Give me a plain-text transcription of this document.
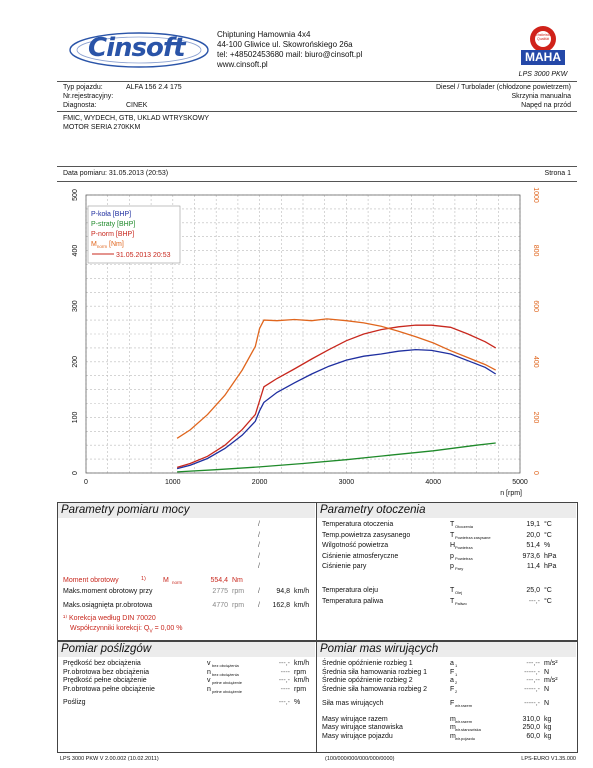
Cinsoft	Chiptuning Hamownia 4x4
44-100 Gliwice ul. Skowrońskiego 26a
tel: +48502453680 mail: biuro@cinsoft.pl
www.cinsoft.pl
Höchstleistung Qualität
MAHA
LPS 3000 PKW
Typ pojazdu:	ALFA 156 2.4 175
Nr.rejestracyjny:
Diagnosta:	CINEK
Diesel / Turbolader (chłodzone powietrzem)
Skrzynia manualna
Napęd na przód
FMIC, WYDECH, GTB, UKLAD WTRYSKOWY
MOTOR SERIA 270KKM
Data pomiaru: 31.05.2013 (20:53)	Strona 1
0	1000	2000	3000	4000	5000
n [rpm]
0
100
200
300
400
500
0
200
400
600
800
1000
P-koła [BHP]
P-straty [BHP]
P-norm [BHP]
$M_{norm}$ [Nm]
31.05.2013 20:53
Parametry pomiaru mocy
/
/
/
/
/
Moment obrotowy	1)	M norm	554,4 Nm
Maks.moment obrotowy przy	2775 rpm	/	94,8 km/h
Maks.osiągnięta pr.obrotowa	4770 rpm	/	162,8 km/h
¹⁾ Korekcja według DIN 70020
Współczynniki korekcji: $Q_V = 0,00$ %
Parametry otoczenia
Temperatura otoczenia	T Otoczenia	19,1 °C
Temp.powietrza zasysanego	T Powietrza zasysane	20,0 °C
Wilgotność powietrza	H Powietrza	51,4 %
Ciśnienie atmosferyczne	p Powietrza	973,6 hPa
Ciśnienie pary	p Pary	11,4 hPa
Temperatura oleju	T Olej	25,0 °C
Temperatura paliwa	T Paliwo	---,- °C
Pomiar poślizgów
Prędkość bez obciążenia	v bez obciążenia	---,- km/h
Pr.obrotowa bez obciążenia	n bez obciążenia	---- rpm
Prędkość pełne obciążenie	v pełne obciążenie	---,- km/h
Pr.obrotowa pełne obciążenie	n pełne obciążenie	---- rpm
Poślizg	---,- %
Pomiar mas wirujących
Średnie opóźnienie rozbieg 1	a 1	---,-- m/s²
Średnia siła hamowania rozbieg 1	F 1	-----,- N
Średnie opóźnienie rozbieg 2	a 2	---,-- m/s²
Średnie siła hamowania rozbieg 2	F 2	-----,- N
Siła mas wirujących	F wir.razem	-----,- N
Masy wirujące razem	m wir.razem	310,0 kg
Masy wirujące stanowiska	m wir.stanowiska	250,0 kg
Masy wirujące pojazdu	m wir.pojazdu	60,0 kg
LPS 3000 PKW V 2.00.002 (10.02.2011)	(100/000/000/000/000/0000)	LPS-EURO V1.35.000
